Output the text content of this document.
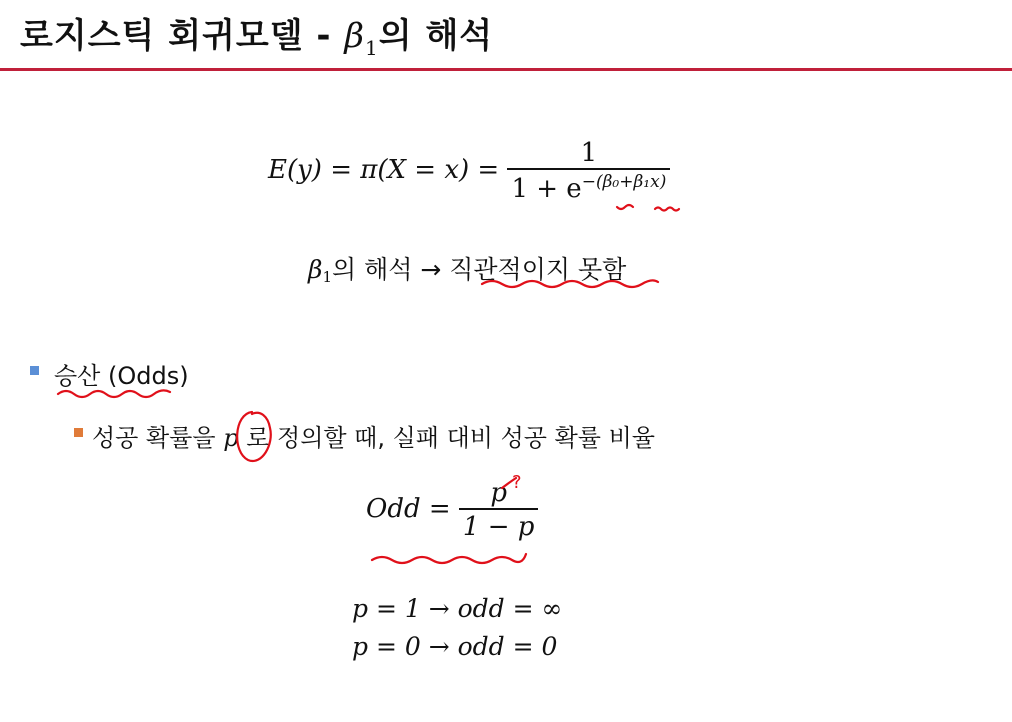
로지스틱 회귀모델 - $\beta_1$의 해석
$E(y) = \pi(X = x) = \frac{1}{1 + e^{-(\beta_0+\beta_1x)}}$
$\beta_1$의 해석 → 직관적이지 못함
승산 (Odds)
성공 확률을 p 로 정의할 때, 실패 대비 성공 확률 비율
Odd = $\frac{p}{1 - p}$
?
p = 1 → odd = ∞
p = 0 → odd = 0
